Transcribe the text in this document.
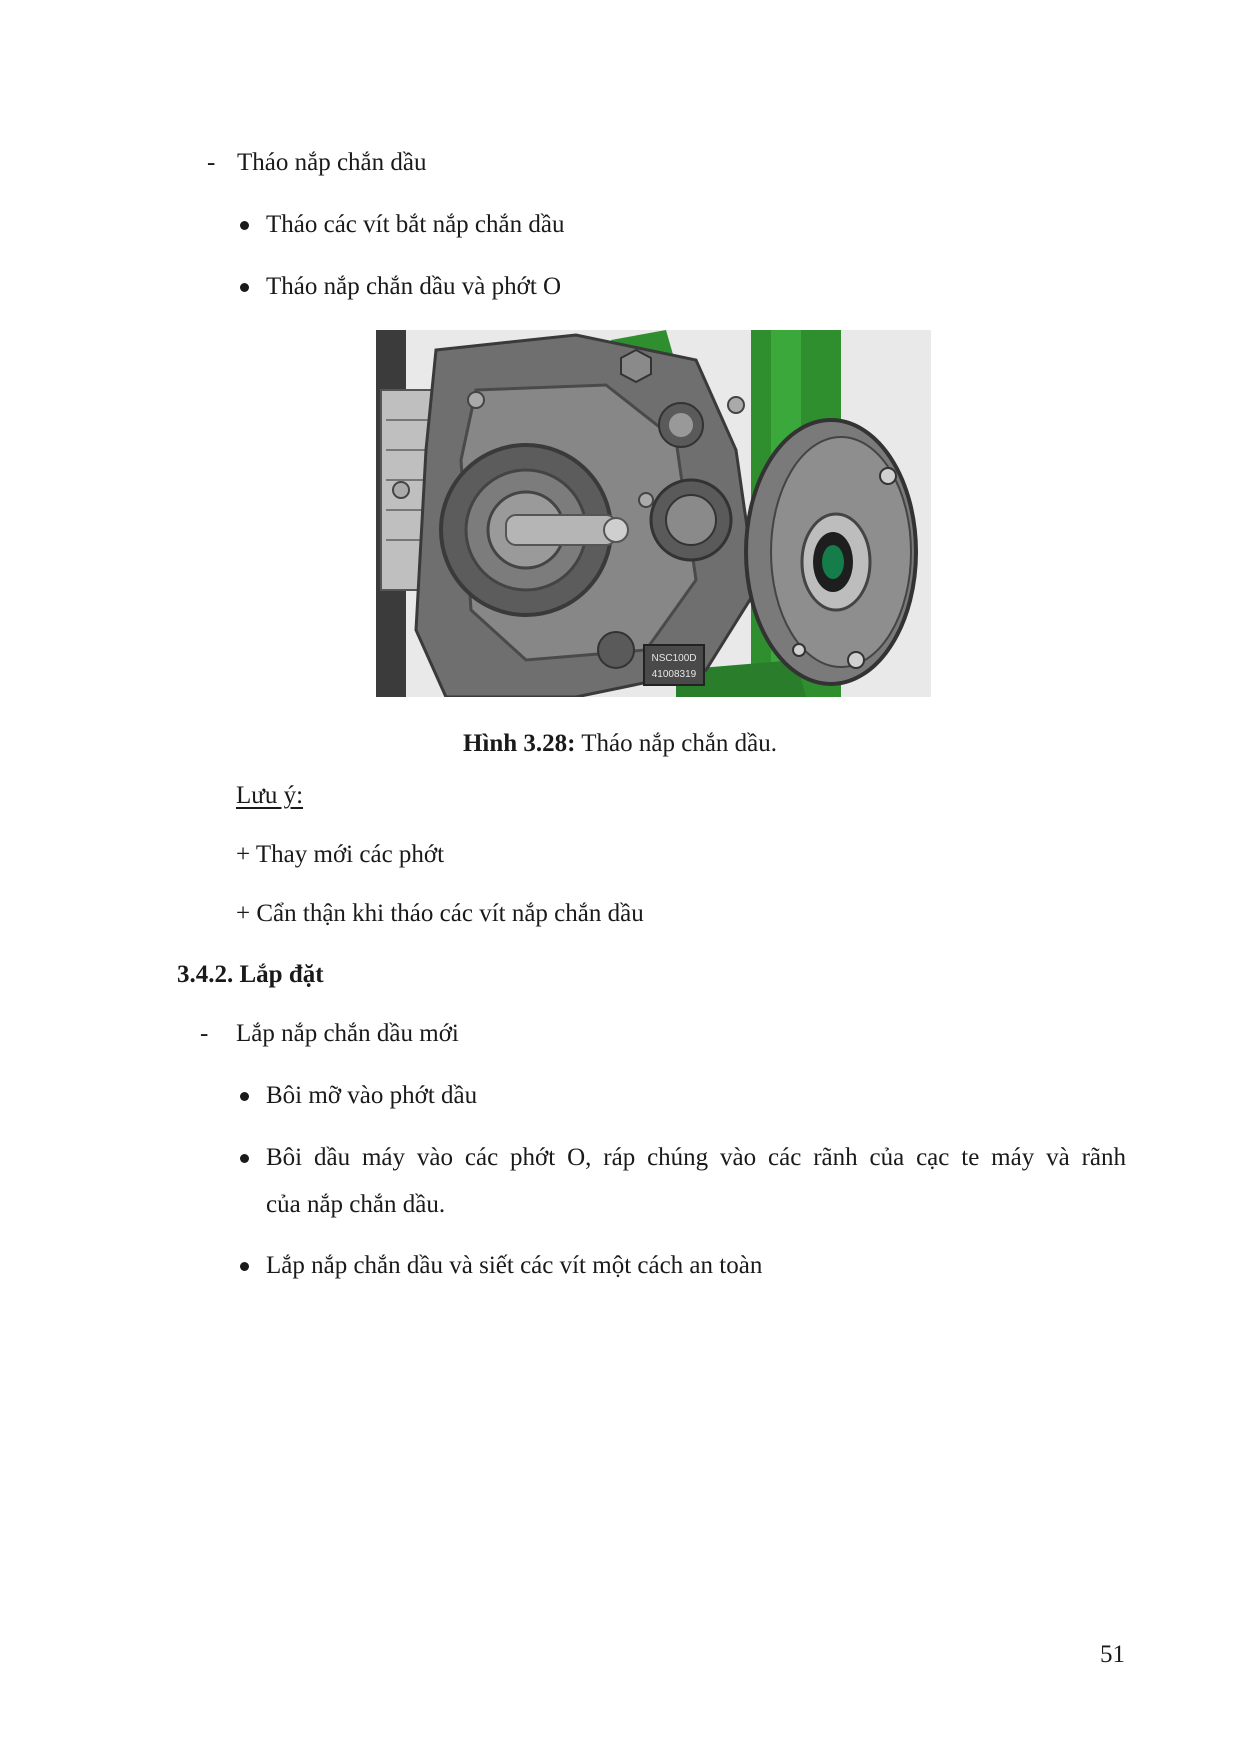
- Tháo nắp chắn dầu
Tháo các vít bắt nắp chắn dầu
Tháo nắp chắn dầu và phớt O
NSC100D
41008319
Hình 3.28: Tháo nắp chắn dầu.
Lưu ý:
+ Thay mới các phớt
+ Cẩn thận khi tháo các vít nắp chắn dầu
3.4.2. Lắp đặt
- Lắp nắp chắn dầu mới
Bôi mỡ vào phớt dầu
Bôi dầu máy vào các phớt O, ráp chúng vào các rãnh của cạc te máy và rãnh
của nắp chắn dầu.
Lắp nắp chắn dầu và siết các vít một cách an toàn
51
